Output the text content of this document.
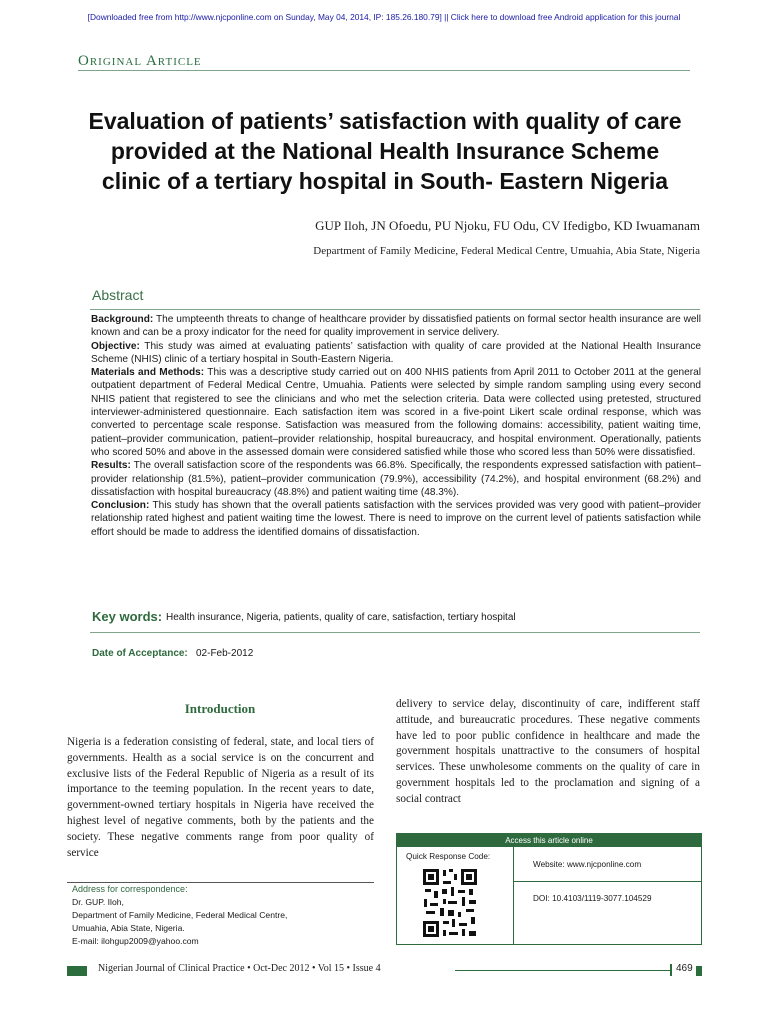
[Downloaded free from http://www.njcponline.com on Sunday, May 04, 2014, IP: 185.26.180.79] || Click here to download free Android application for this journal
Original Article
Evaluation of patients’ satisfaction with quality of care
provided at the National Health Insurance Scheme
clinic of a tertiary hospital in South- Eastern Nigeria
GUP Iloh, JN Ofoedu, PU Njoku, FU Odu, CV Ifedigbo, KD Iwuamanam
Department of Family Medicine, Federal Medical Centre, Umuahia, Abia State, Nigeria
Abstract

Background: The umpteenth threats to change of healthcare provider by dissatisfied patients on formal sector health insurance are well known and can be a proxy indicator for the need for quality improvement in service delivery.

Objective: This study was aimed at evaluating patients’ satisfaction with quality of care provided at the National Health Insurance Scheme (NHIS) clinic of a tertiary hospital in South-Eastern Nigeria.

Materials and Methods: This was a descriptive study carried out on 400 NHIS patients from April 2011 to October 2011 at the general outpatient department of Federal Medical Centre, Umuahia. Patients were selected by simple random sampling using every second NHIS patient that registered to see the clinicians and who met the selection criteria. Data were collected using pretested, structured interviewer-administered questionnaire. Each satisfaction item was scored in a five-point Likert scale ordinal response, which was converted to percentage scale response. Satisfaction was measured from the following domains: accessibility, patient waiting time, patient–provider communication, patient–provider relationship, hospital bureaucracy, and hospital environment. Operationally, patients who scored 50% and above in the assessed domain were considered satisfied while those who scored less than 50% were dissatisfied.

Results: The overall satisfaction score of the respondents was 66.8%. Specifically, the respondents expressed satisfaction with patient–provider relationship (81.5%), patient–provider communication (79.9%), accessibility (74.2%), and hospital environment (68.2%) and dissatisfaction with hospital bureaucracy (48.8%) and patient waiting time (48.3%).

Conclusion: This study has shown that the overall patients satisfaction with the services provided was very good with patient–provider relationship rated highest and patient waiting time the lowest. There is need to improve on the current level of patients satisfaction while effort should be made to address the identified domains of dissatisfaction.

Key words: Health insurance, Nigeria, patients, quality of care, satisfaction, tertiary hospital
Date of Acceptance: 02-Feb-2012
Introduction
Nigeria is a federation consisting of federal, state, and local tiers of governments. Health as a social service is on the concurrent and exclusive lists of the Federal Republic of Nigeria as a result of its importance to the teeming population. In the recent years to date, government-owned tertiary hospitals in Nigeria have received the highest level of negative comments, both by the patients and the society. These negative comments range from poor quality of service
delivery to service delay, discontinuity of care, indifferent staff attitude, and bureaucratic procedures. These negative comments have led to poor public confidence in healthcare and made the government hospitals unattractive to the consumers of hospital services. These unwholesome comments on the quality of care in government hospitals led to the proclamation and signing of a social contract
Address for correspondence:
Dr. GUP. Iloh,
Department of Family Medicine, Federal Medical Centre,
Umuahia, Abia State, Nigeria.
E-mail: ilohgup2009@yahoo.com
Access this article online
Quick Response Code:
Website: www.njcponline.com
DOI: 10.4103/1119-3077.104529
Nigerian Journal of Clinical Practice • Oct-Dec 2012 • Vol 15 • Issue 4	469
